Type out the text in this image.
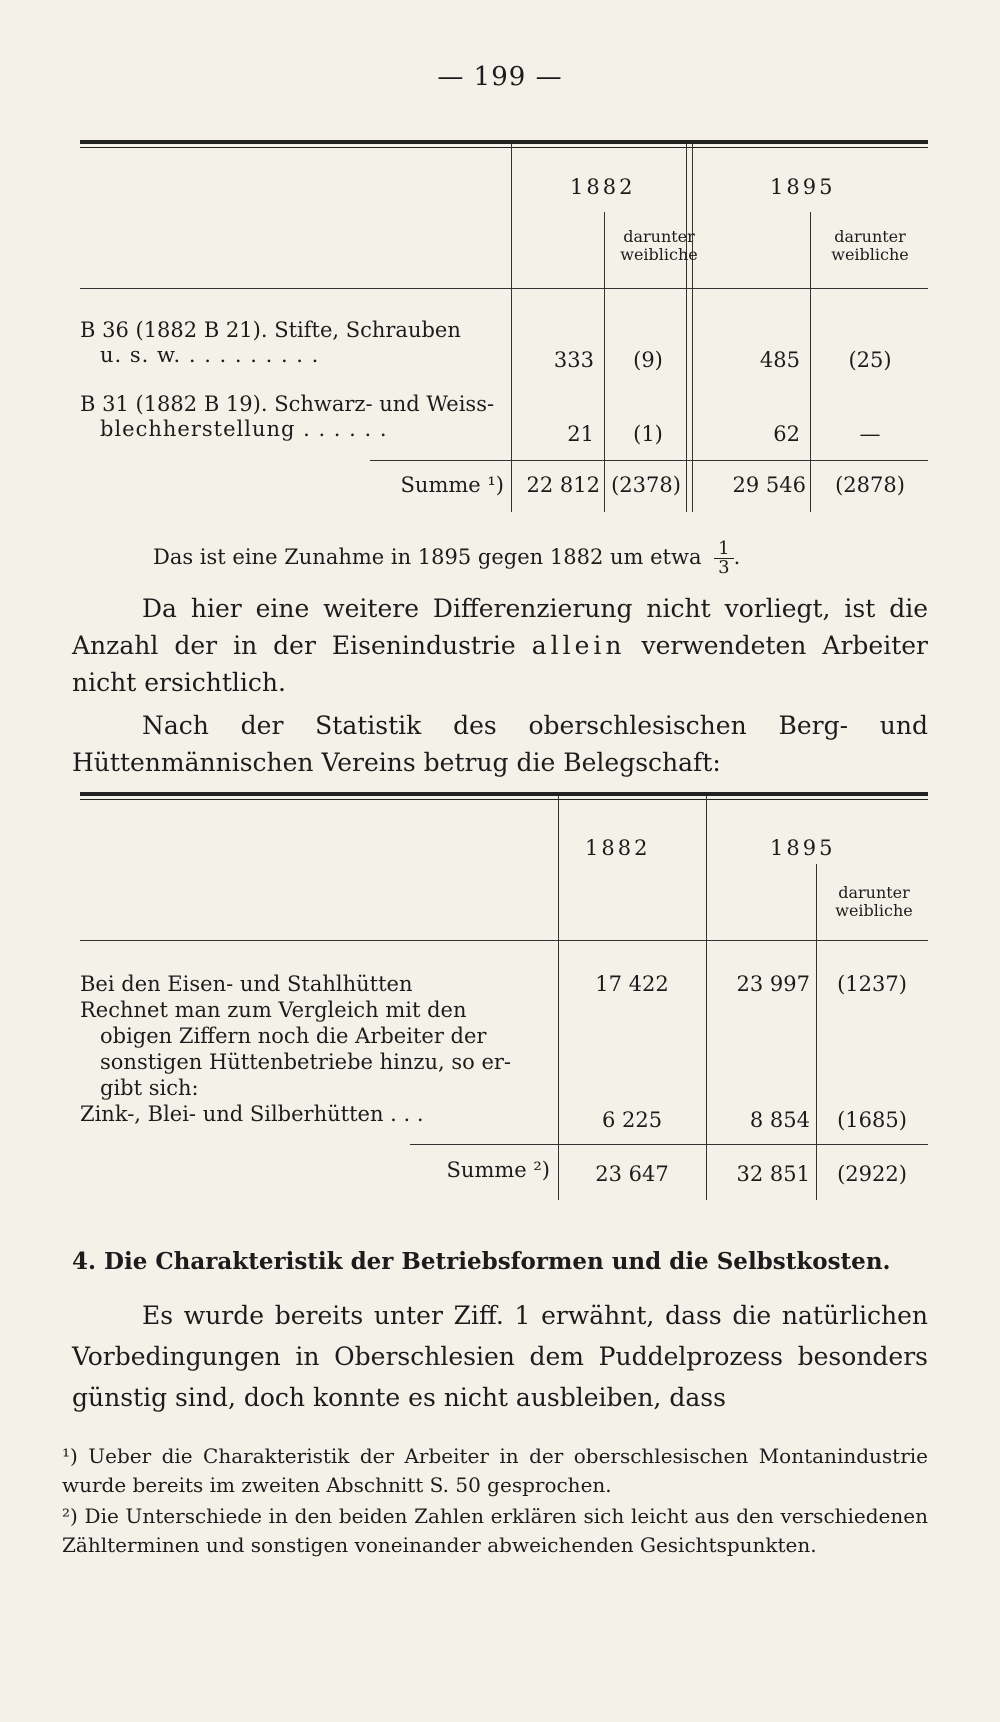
— 199 —
1882	1895
darunter weibliche
darunter weibliche
B 36 (1882 B 21). Stifte, Schrauben
u. s. w. . . . . . . . . .	333	(9)	485	(25)
B 31 (1882 B 19). Schwarz- und Weiss-
blechherstellung . . . . . .	21	(1)	62	—
Summe ¹)	22 812 (2378)	29 546	(2878)
Das ist eine Zunahme in 1895 gegen 1882 um etwa $\frac{1}{3}$ .
Da hier eine weitere Differenzierung nicht vorliegt, ist die Anzahl der in der Eisenindustrie allein verwendeten Arbeiter nicht ersichtlich.
Nach der Statistik des oberschlesischen Berg- und Hüttenmännischen Vereins betrug die Belegschaft:
1882	1895
darunter weibliche
Bei den Eisen- und Stahlhütten	17 422	23 997	(1237)
Rechnet man zum Vergleich mit den
obigen Ziffern noch die Arbeiter der
sonstigen Hüttenbetriebe hinzu, so er-
gibt sich:
Zink-, Blei- und Silberhütten . . .	6 225	8 854	(1685)
Summe ²)	23 647	32 851	(2922)
4. Die Charakteristik der Betriebsformen und die Selbstkosten.
Es wurde bereits unter Ziff. 1 erwähnt, dass die natürlichen Vorbedingungen in Oberschlesien dem Puddelprozess besonders günstig sind, doch konnte es nicht ausbleiben, dass
¹) Ueber die Charakteristik der Arbeiter in der oberschlesischen Montanindustrie wurde bereits im zweiten Abschnitt S. 50 gesprochen.
²) Die Unterschiede in den beiden Zahlen erklären sich leicht aus den verschiedenen Zählterminen und sonstigen voneinander abweichenden Gesichtspunkten.
